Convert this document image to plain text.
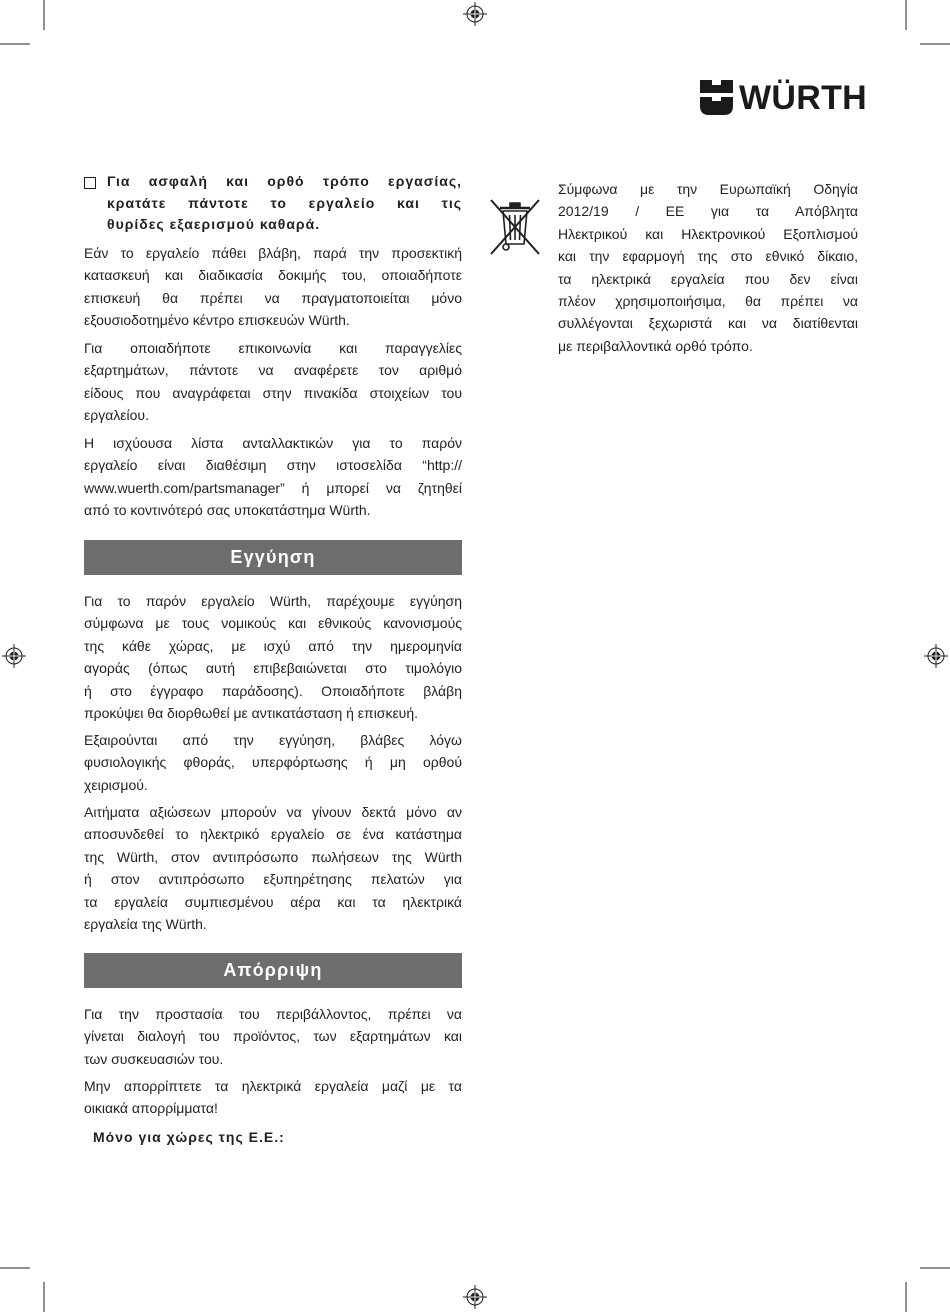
WÜRTH
Για ασφαλή και ορθό τρόπο εργασίας,
κρατάτε πάντοτε το εργαλείο και τις
θυρίδες εξαερισμού καθαρά.
Εάν το εργαλείο πάθει βλάβη, παρά την προσεκτική
κατασκευή και διαδικασία δοκιμής του, οποιαδήποτε
επισκευή θα πρέπει να πραγματοποιείται μόνο
εξουσιοδοτημένο κέντρο επισκευών Würth.
Για οποιαδήποτε επικοινωνία και παραγγελίες
εξαρτημάτων, πάντοτε να αναφέρετε τον αριθμό
είδους που αναγράφεται στην πινακίδα στοιχείων του
εργαλείου.
Η ισχύουσα λίστα ανταλλακτικών για το παρόν
εργαλείο είναι διαθέσιμη στην ιστοσελίδα “http://
www.wuerth.com/partsmanager” ή μπορεί να ζητηθεί
από το κοντινότερό σας υποκατάστημα Würth.
Εγγύηση
Για το παρόν εργαλείο Würth, παρέχουμε εγγύηση
σύμφωνα με τους νομικούς και εθνικούς κανονισμούς
της κάθε χώρας, με ισχύ από την ημερομηνία
αγοράς (όπως αυτή επιβεβαιώνεται στο τιμολόγιο
ή στο έγγραφο παράδοσης). Οποιαδήποτε βλάβη
προκύψει θα διορθωθεί με αντικατάσταση ή επισκευή.
Εξαιρούνται από την εγγύηση, βλάβες λόγω
φυσιολογικής φθοράς, υπερφόρτωσης ή μη ορθού
χειρισμού.
Αιτήματα αξιώσεων μπορούν να γίνουν δεκτά μόνο αν
αποσυνδεθεί το ηλεκτρικό εργαλείο σε ένα κατάστημα
της Würth, στον αντιπρόσωπο πωλήσεων της Würth
ή στον αντιπρόσωπο εξυπηρέτησης πελατών για
τα εργαλεία συμπιεσμένου αέρα και τα ηλεκτρικά
εργαλεία της Würth.
Απόρριψη
Για την προστασία του περιβάλλοντος, πρέπει να
γίνεται διαλογή του προϊόντος, των εξαρτημάτων και
των συσκευασιών του.
Μην απορρίπτετε τα ηλεκτρικά εργαλεία μαζί με τα
οικιακά απορρίμματα!
Μόνο για χώρες της Ε.Ε.:
Σύμφωνα με την Ευρωπαϊκή Οδηγία
2012/19 / ΕΕ για τα Απόβλητα
Ηλεκτρικού και Ηλεκτρονικού Εξοπλισμού
και την εφαρμογή της στο εθνικό δίκαιο,
τα ηλεκτρικά εργαλεία που δεν είναι
πλέον χρησιμοποιήσιμα, θα πρέπει να
συλλέγονται ξεχωριστά και να διατίθενται
με περιβαλλοντικά ορθό τρόπο.
